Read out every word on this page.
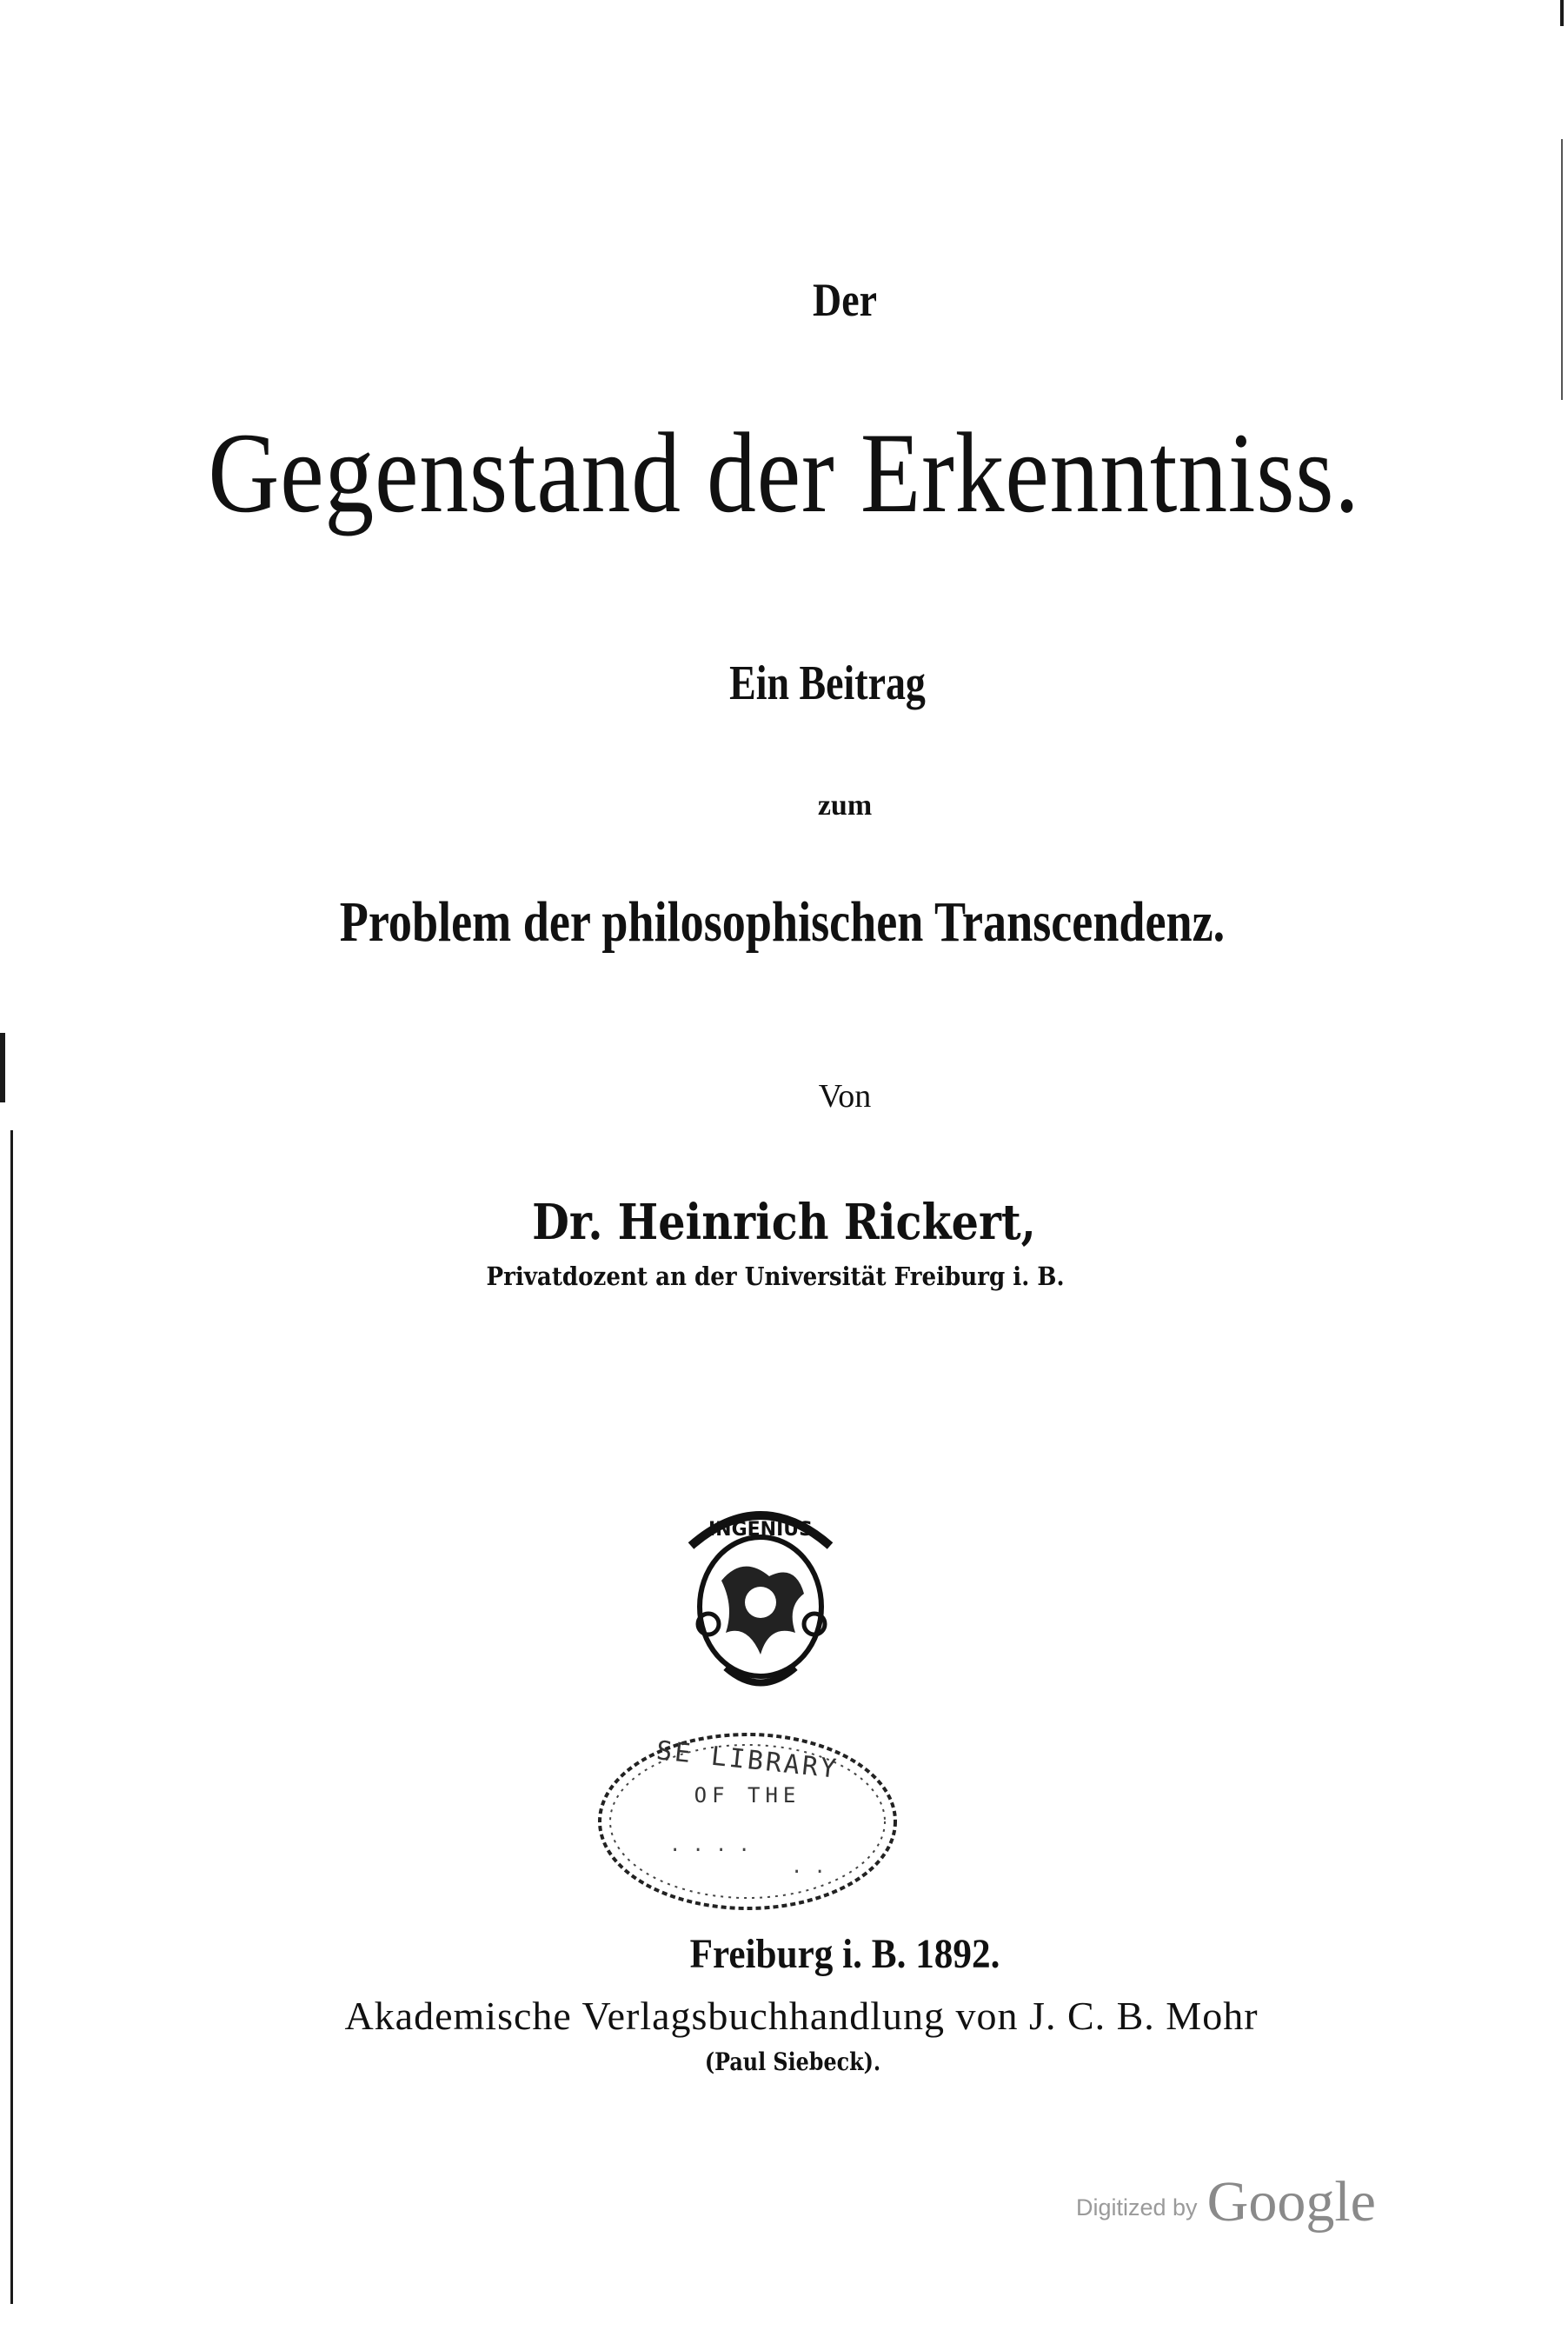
Der
Gegenstand der Erkenntniss.
Ein Beitrag
zum
Problem der philosophischen Transcendenz.
Von
Dr. Heinrich Rickert,
Privatdozent an der Universität Freiburg i. B.
INGENIUS
· · · ·
· ·
SE LIBRARY
OF THE
Freiburg i. B. 1892.
Akademische Verlagsbuchhandlung von J. C. B. Mohr
(Paul Siebeck).
Digitized by Google
